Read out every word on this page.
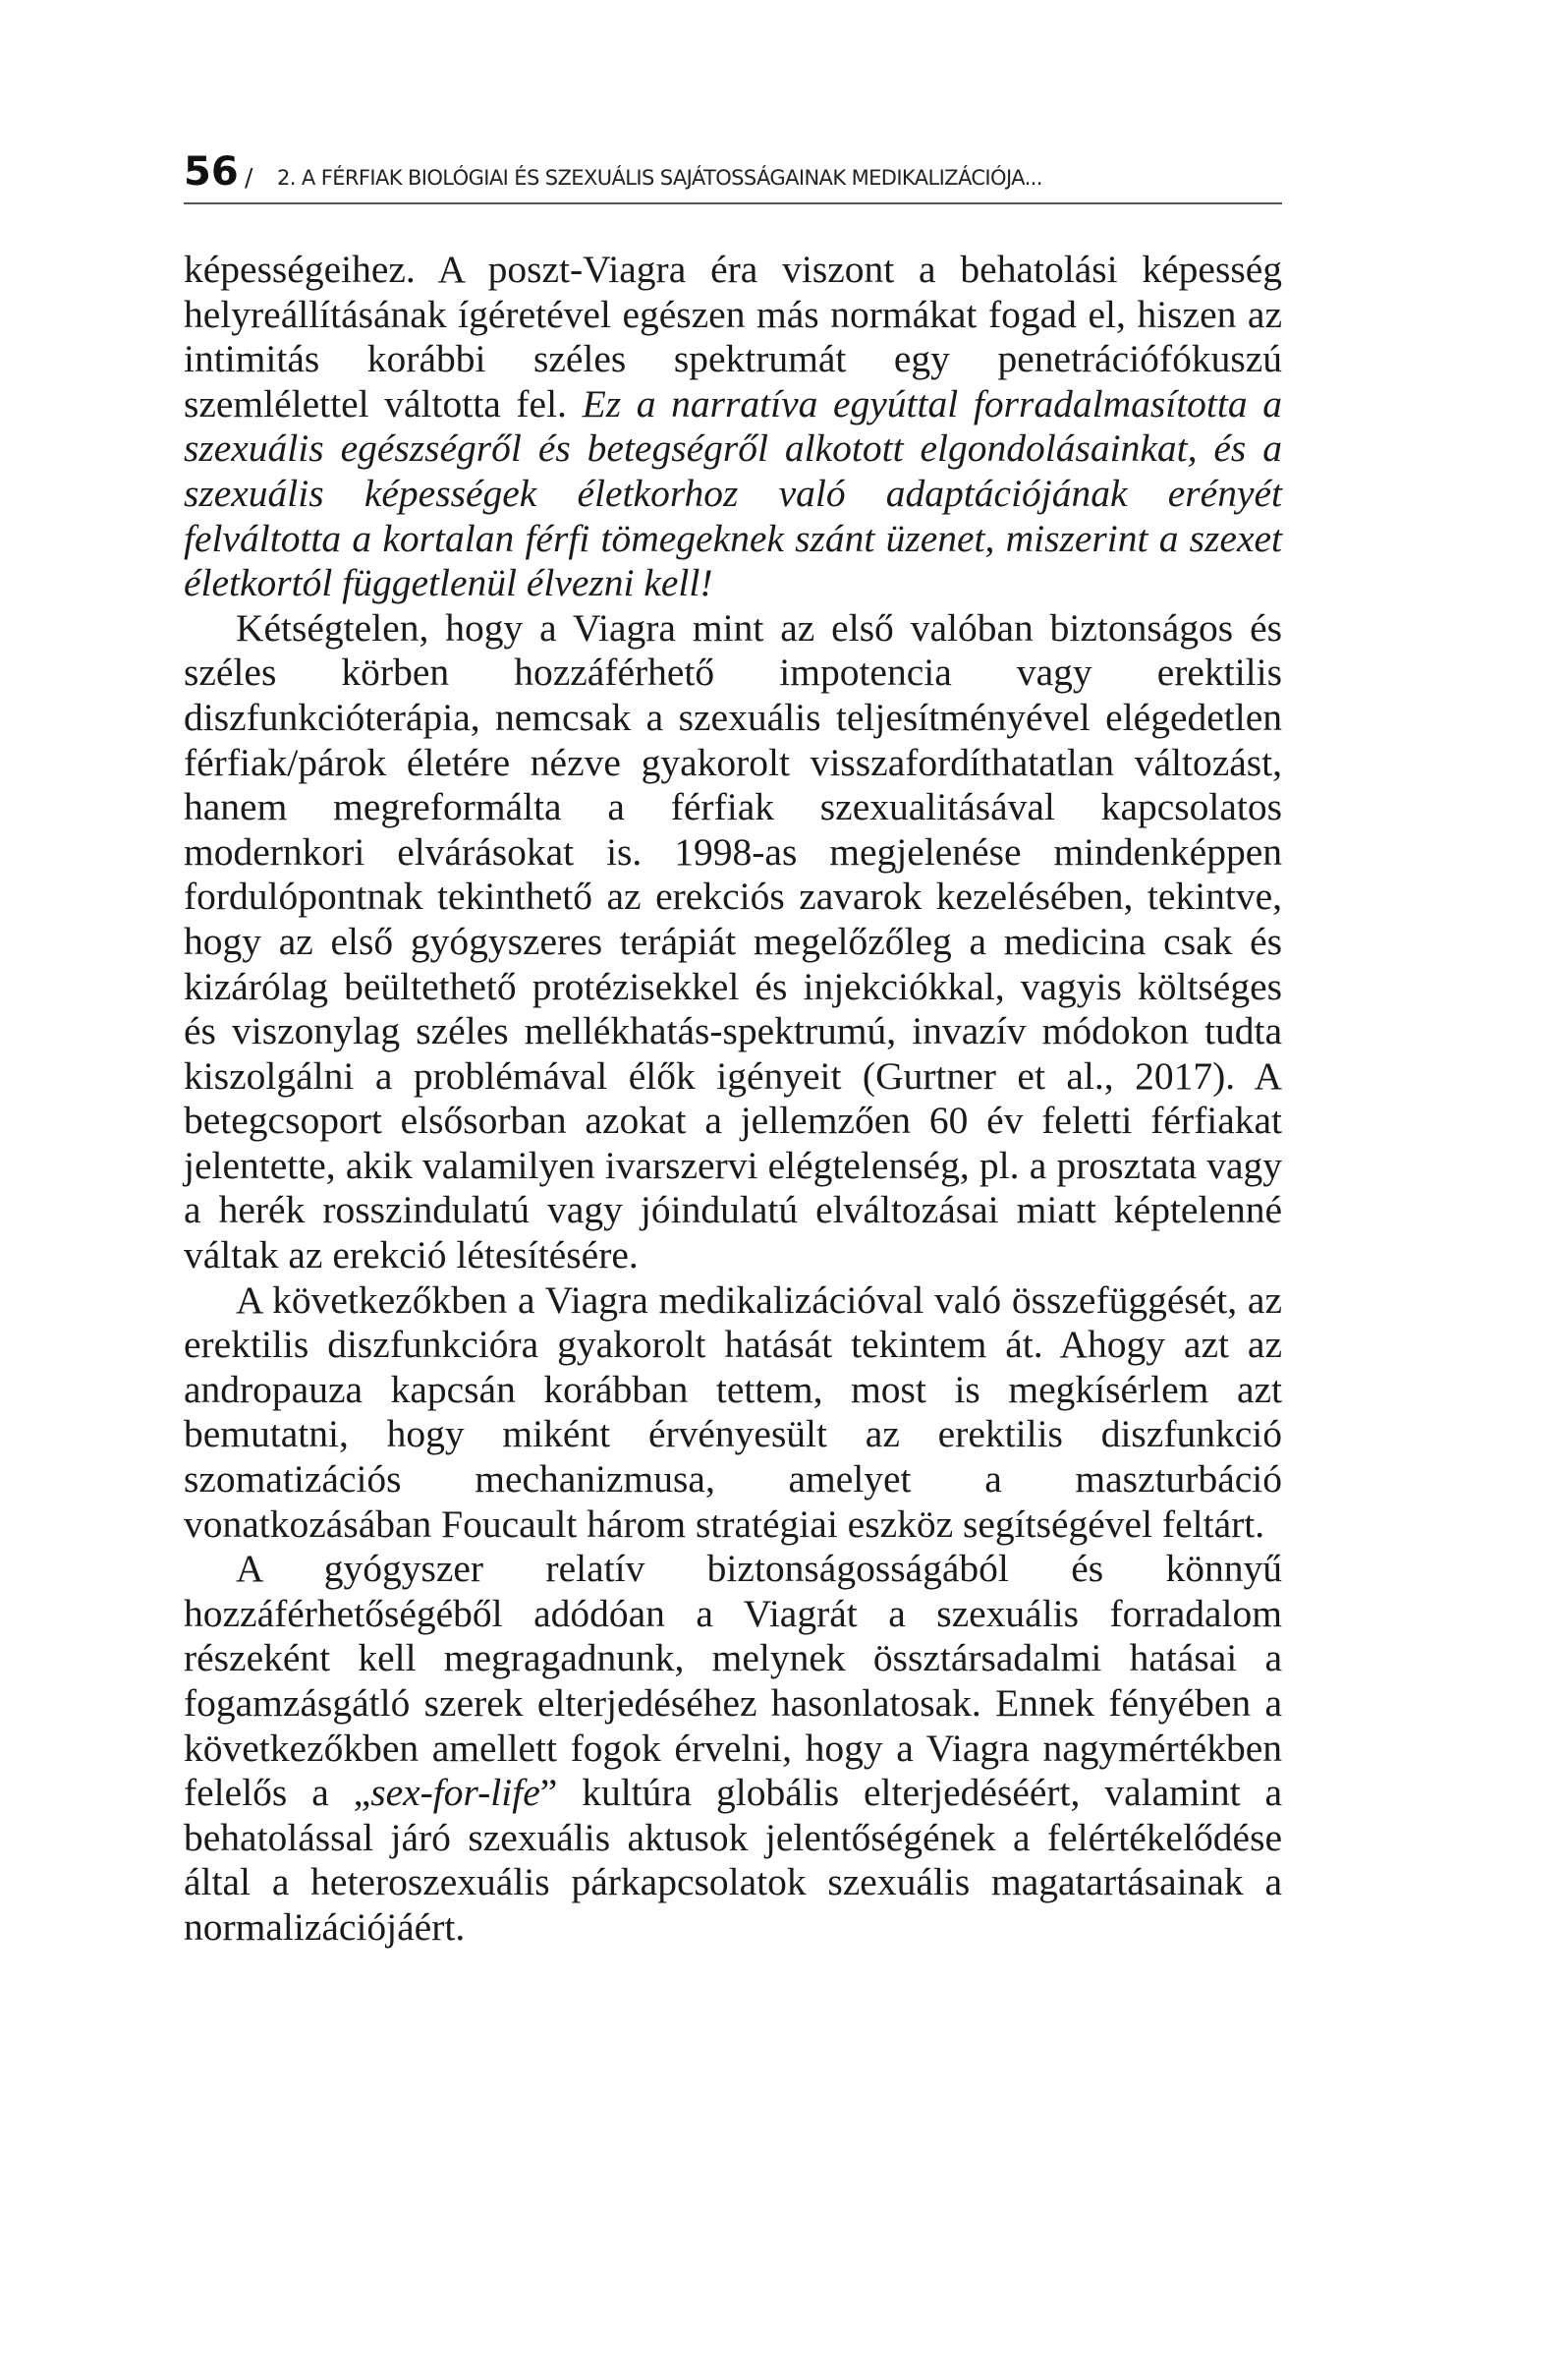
56 / 2. A FÉRFIAK BIOLÓGIAI ÉS SZEXUÁLIS SAJÁTOSSÁGAINAK MEDIKALIZÁCIÓJA...

képességeihez. A poszt-Viagra éra viszont a behatolási képesség helyreállításának ígéretével egészen más normákat fogad el, hiszen az intimitás korábbi széles spektrumát egy penetrációfókuszú szemlélettel váltotta fel. Ez a narratíva egyúttal forradalmasította a szexuális egészségről és betegségről alkotott elgondolásainkat, és a szexuális képességek életkorhoz való adaptációjának erényét felváltotta a kortalan férfi tömegeknek szánt üzenet, miszerint a szexet életkortól függetlenül élvezni kell!

Kétségtelen, hogy a Viagra mint az első valóban biztonságos és széles körben hozzáférhető impotencia vagy erektilis diszfunkcióterápia, nemcsak a szexuális teljesítményével elégedetlen férfiak/párok életére nézve gyakorolt visszafordíthatatlan változást, hanem megreformálta a férfiak szexualitásával kapcsolatos modernkori elvárásokat is. 1998-as megjelenése mindenképpen fordulópontnak tekinthető az erekciós zavarok kezelésében, tekintve, hogy az első gyógyszeres terápiát megelőzőleg a medicina csak és kizárólag beültethető protézisekkel és injekciókkal, vagyis költséges és viszonylag széles mellékhatás-spektrumú, invazív módokon tudta kiszolgálni a problémával élők igényeit (Gurtner et al., 2017). A betegcsoport elsősorban azokat a jellemzően 60 év feletti férfiakat jelentette, akik valamilyen ivarszervi elégtelenség, pl. a prosztata vagy a herék rosszindulatú vagy jóindulatú elváltozásai miatt képtelenné váltak az erekció létesítésére.

A következőkben a Viagra medikalizációval való összefüggését, az erektilis diszfunkcióra gyakorolt hatását tekintem át. Ahogy azt az andropauza kapcsán korábban tettem, most is megkísérlem azt bemutatni, hogy miként érvényesült az erektilis diszfunkció szomatizációs mechanizmusa, amelyet a maszturbáció vonatkozásában Foucault három stratégiai eszköz segítségével feltárt.

A gyógyszer relatív biztonságosságából és könnyű hozzáférhetőségéből adódóan a Viagrát a szexuális forradalom részeként kell megragadnunk, melynek össztársadalmi hatásai a fogamzásgátló szerek elterjedéséhez hasonlatosak. Ennek fényében a következőkben amellett fogok érvelni, hogy a Viagra nagymértékben felelős a „sex-for-life” kultúra globális elterjedéséért, valamint a behatolással járó szexuális aktusok jelentőségének a felértékelődése által a heteroszexuális párkapcsolatok szexuális magatartásainak a normalizációjáért.
